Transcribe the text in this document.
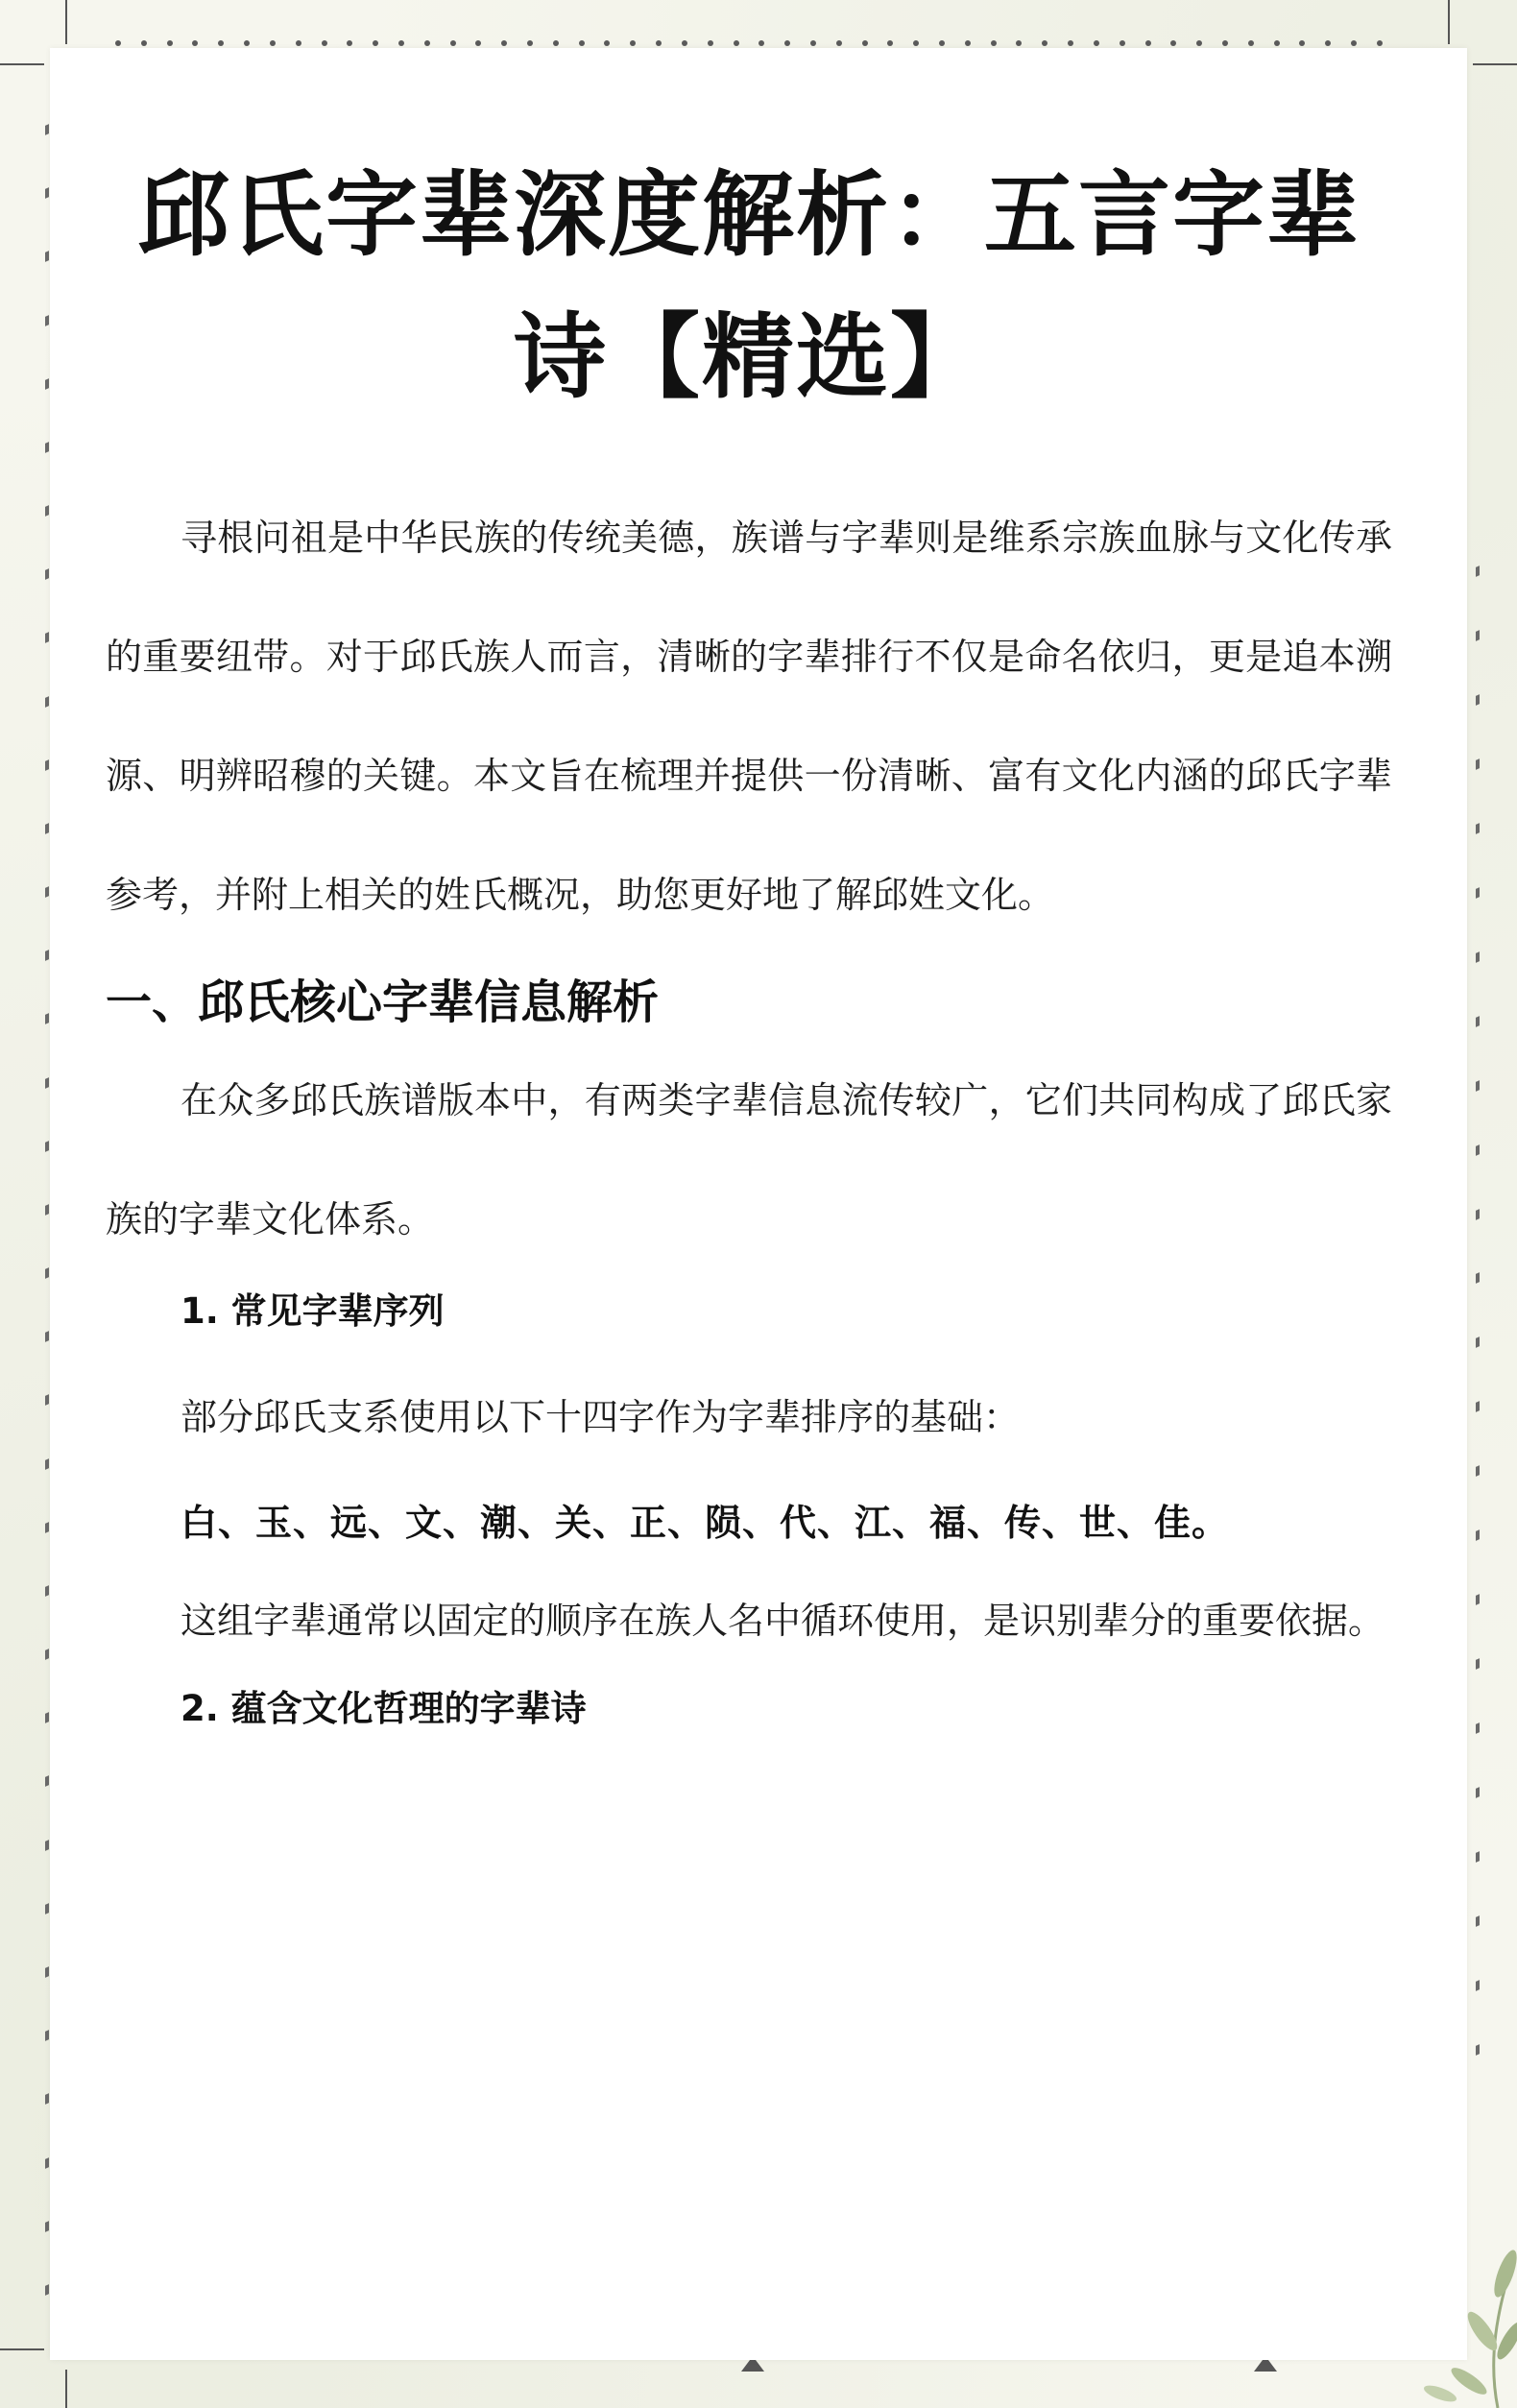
邱氏字辈深度解析：五言字辈诗【精选】

寻根问祖是中华民族的传统美德，族谱与字辈则是维系宗族血脉与文化传承的重要纽带。对于邱氏族人而言，清晰的字辈排行不仅是命名依归，更是追本溯源、明辨昭穆的关键。本文旨在梳理并提供一份清晰、富有文化内涵的邱氏字辈参考，并附上相关的姓氏概况，助您更好地了解邱姓文化。

一、邱氏核心字辈信息解析

在众多邱氏族谱版本中，有两类字辈信息流传较广，它们共同构成了邱氏家族的字辈文化体系。

1. 常见字辈序列

部分邱氏支系使用以下十四字作为字辈排序的基础：

白、玉、远、文、潮、关、正、陨、代、江、福、传、世、佳。

这组字辈通常以固定的顺序在族人名中循环使用，是识别辈分的重要依据。

2. 蕴含文化哲理的字辈诗
